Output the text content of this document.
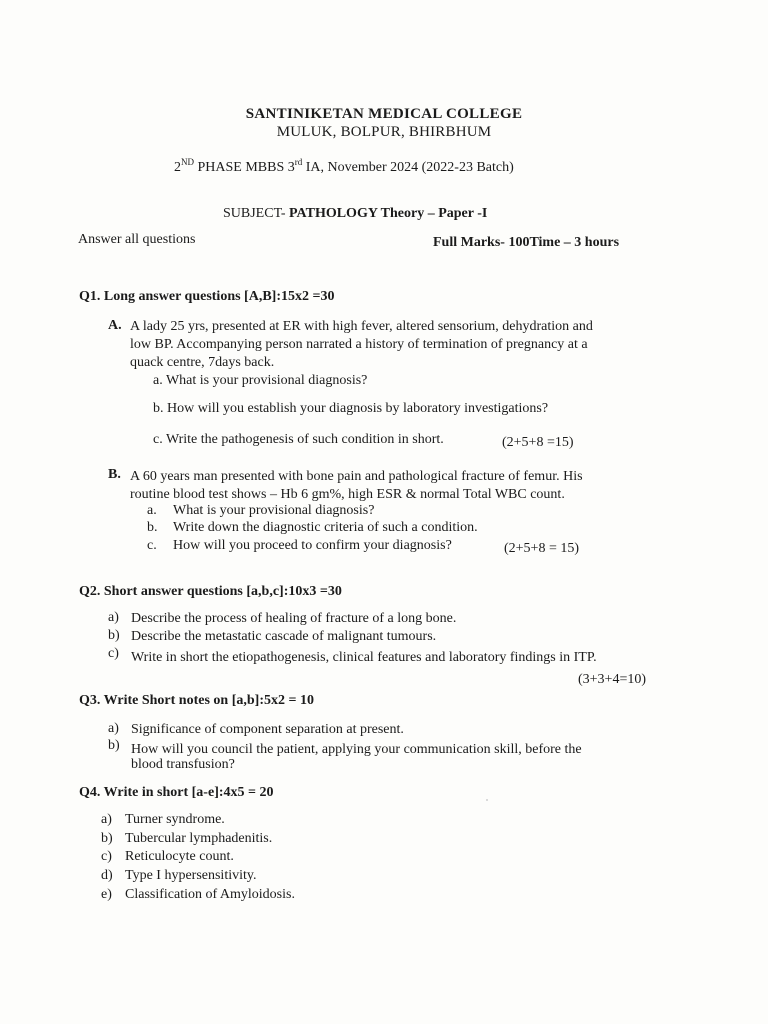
SANTINIKETAN MEDICAL COLLEGE
MULUK, BOLPUR, BHIRBHUM
2ND PHASE MBBS 3rd IA, November 2024 (2022-23 Batch)
SUBJECT- PATHOLOGY Theory – Paper -I
Answer all questions	Full Marks- 100Time – 3 hours
Q1. Long answer questions [A,B]:15x2 =30
A. A lady 25 yrs, presented at ER with high fever, altered sensorium, dehydration and
low BP. Accompanying person narrated a history of termination of pregnancy at a
quack centre, 7days back.
a. What is your provisional diagnosis?
b. How will you establish your diagnosis by laboratory investigations?
c. Write the pathogenesis of such condition in short.	(2+5+8 =15)
B. A 60 years man presented with bone pain and pathological fracture of femur. His
routine blood test shows – Hb 6 gm%, high ESR & normal Total WBC count.
a. What is your provisional diagnosis?
b. Write down the diagnostic criteria of such a condition.
c. How will you proceed to confirm your diagnosis?	(2+5+8 = 15)
Q2. Short answer questions [a,b,c]:10x3 =30
a) Describe the process of healing of fracture of a long bone.
b) Describe the metastatic cascade of malignant tumours.
c) Write in short the etiopathogenesis, clinical features and laboratory findings in ITP.
(3+3+4=10)
Q3. Write Short notes on [a,b]:5x2 = 10
a) Significance of component separation at present.
b) How will you council the patient, applying your communication skill, before the
blood transfusion?
Q4. Write in short [a-e]:4x5 = 20
a) Turner syndrome.
b) Tubercular lymphadenitis.
c) Reticulocyte count.
d) Type I hypersensitivity.
e) Classification of Amyloidosis.
